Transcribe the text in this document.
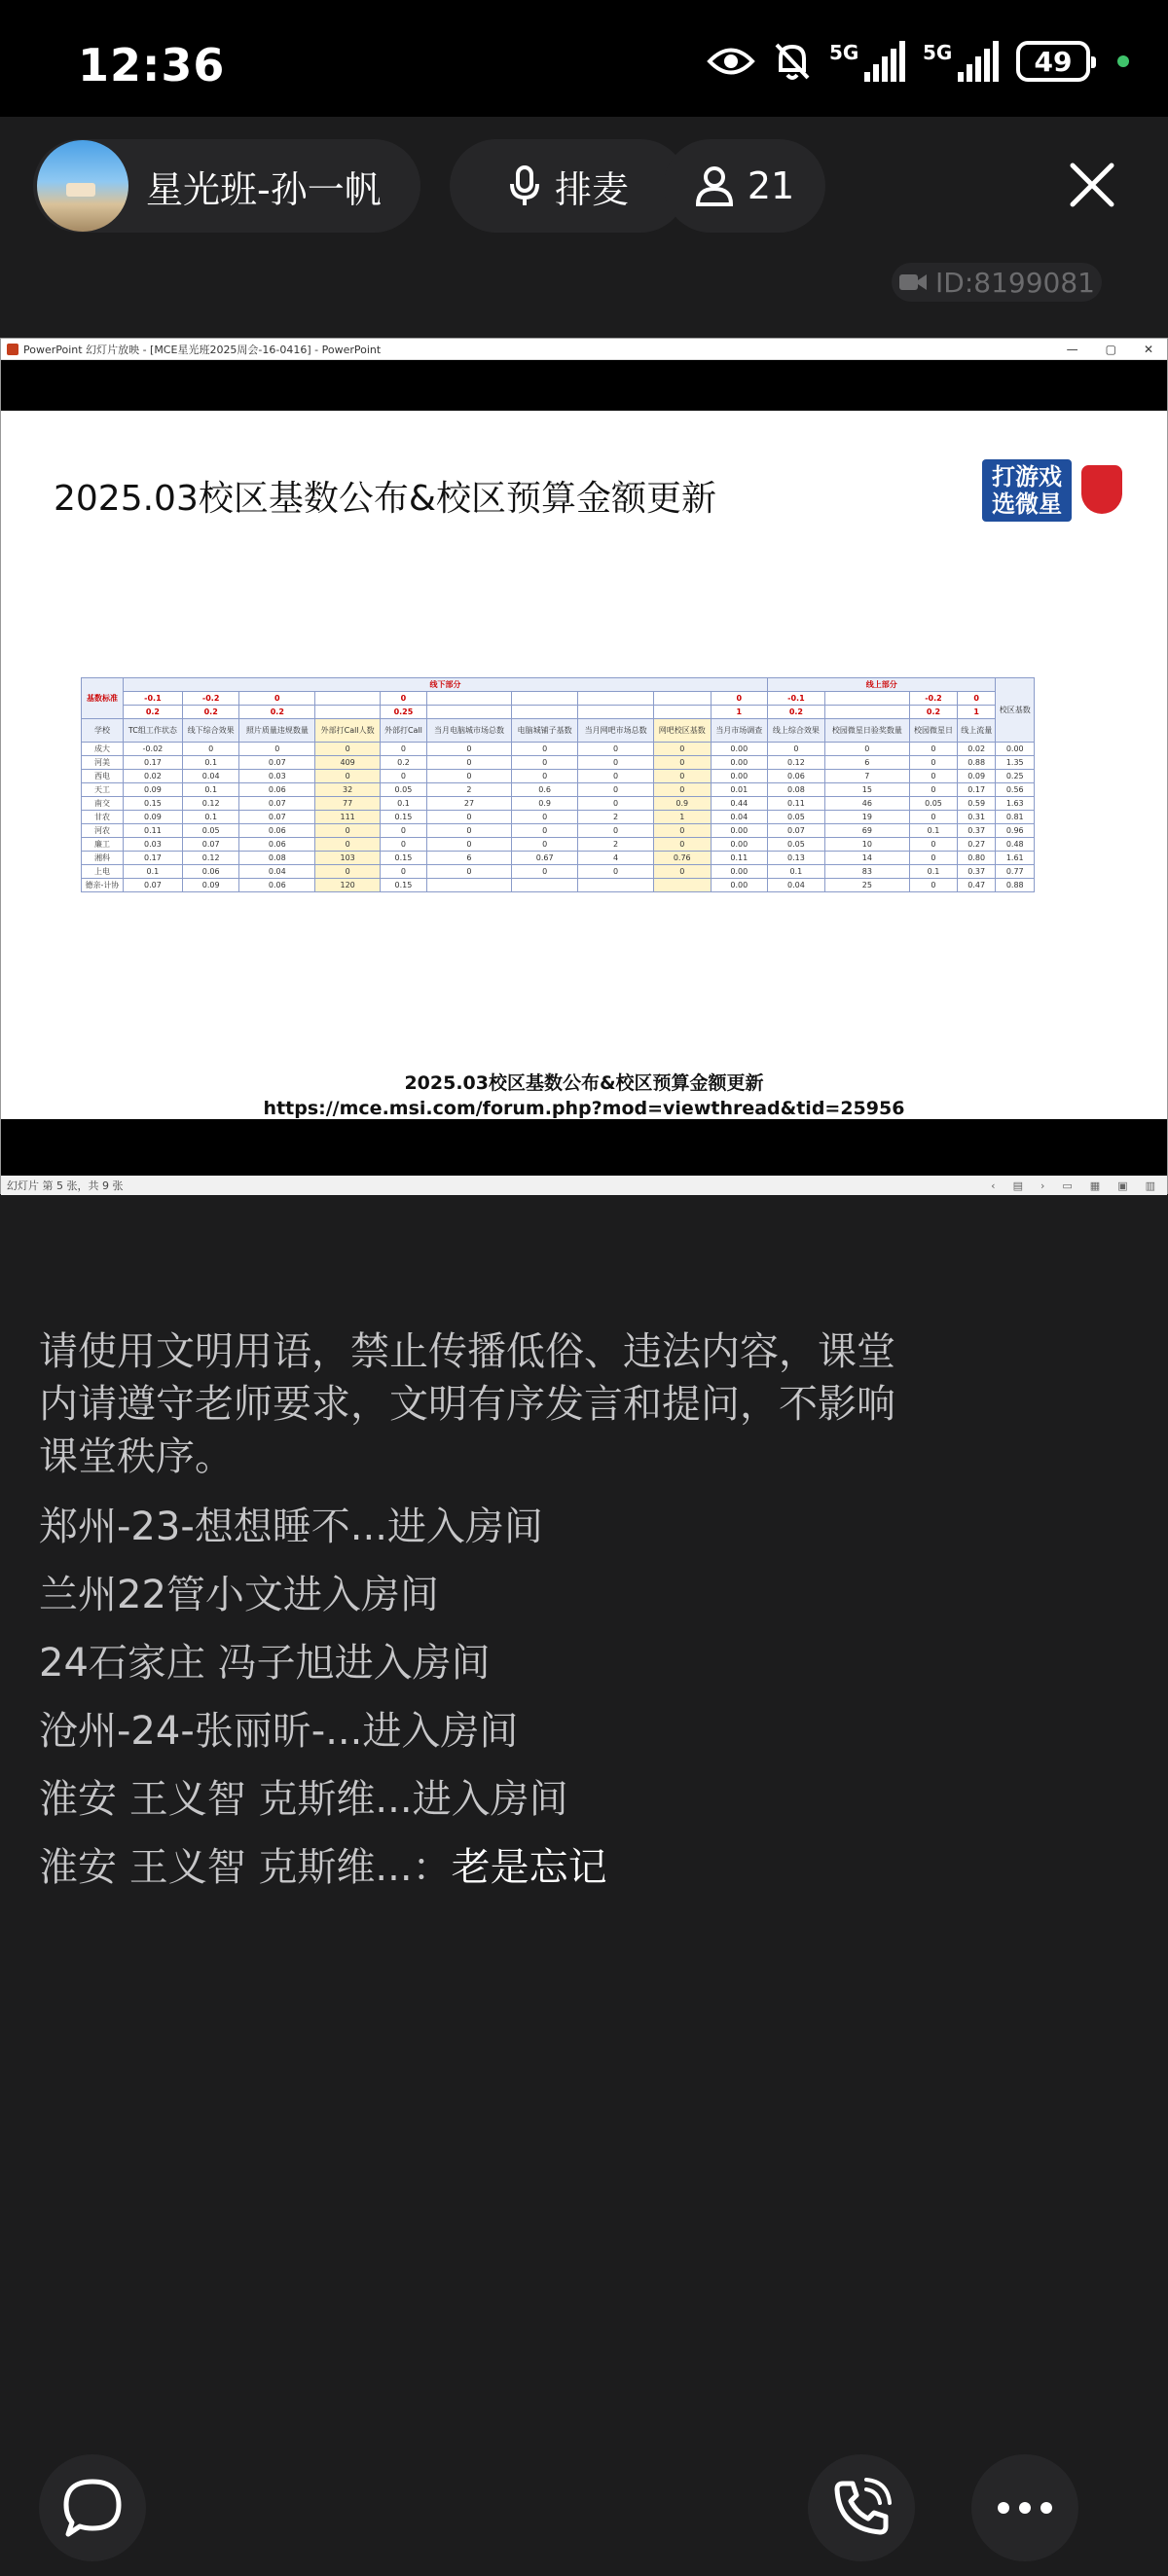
12:36	5G	5G	49
星光班-孙一帆	排麦	21
ID:8199081
PowerPoint 幻灯片放映 - [MCE星光班2025周会-16-0416] - PowerPoint	— ▢ ✕
2025.03校区基数公布&校区预算金额更新
打游戏
选微星
基数标准	线下部分										线上部分				校区基数
	-0.1	-0.2	0		0					0	-0.1		-0.2	0	
	0.2	0.2	0.2		0.25					1	0.2		0.2	1	
学校	TC组工作状态	线下综合效果	照片质量违规数量	外部打Call人数	外部打Call	当月电脑城市场总数	电脑城铺子基数	当月网吧市场总数	网吧校区基数	当月市场调查	线上综合效果	校园微星日验奖数量	校园微星日	线上流量	
成大	-0.02	0	0	0	0	0	0	0	0	0.00	0	0	0	0.02	0.00
河美	0.17	0.1	0.07	409	0.2	0	0	0	0	0.00	0.12	6	0	0.88	1.35
西电	0.02	0.04	0.03	0	0	0	0	0	0	0.00	0.06	7	0	0.09	0.25
天工	0.09	0.1	0.06	32	0.05	2	0.6	0	0	0.01	0.08	15	0	0.17	0.56
南交	0.15	0.12	0.07	77	0.1	27	0.9	0	0.9	0.44	0.11	46	0.05	0.59	1.63
甘农	0.09	0.1	0.07	111	0.15	0	0	2	1	0.04	0.05	19	0	0.31	0.81
河农	0.11	0.05	0.06	0	0	0	0	0	0	0.00	0.07	69	0.1	0.37	0.96
廉工	0.03	0.07	0.06	0	0	0	0	2	0	0.00	0.05	10	0	0.27	0.48
湘科	0.17	0.12	0.08	103	0.15	6	0.67	4	0.76	0.11	0.13	14	0	0.80	1.61
上电	0.1	0.06	0.04	0	0	0	0	0	0	0.00	0.1	83	0.1	0.37	0.77
德亲-计协	0.07	0.09	0.06	120	0.15					0.00	0.04	25	0	0.47	0.88

2025.03校区基数公布&校区预算金额更新

https://mce.msi.com/forum.php?mod=viewthread&tid=25956

幻灯片 第 5 张，共 9 张	‹ ▤ › ▭ ▦ ▣ ▥
请使用文明用语，禁止传播低俗、违法内容，课堂内请遵守老师要求，文明有序发言和提问，不影响课堂秩序。
郑州-23-想想睡不...进入房间
兰州22管小文进入房间
24石家庄 冯子旭进入房间
沧州-24-张丽昕-...进入房间
淮安 王义智 克斯维...进入房间
淮安 王义智 克斯维...：老是忘记
